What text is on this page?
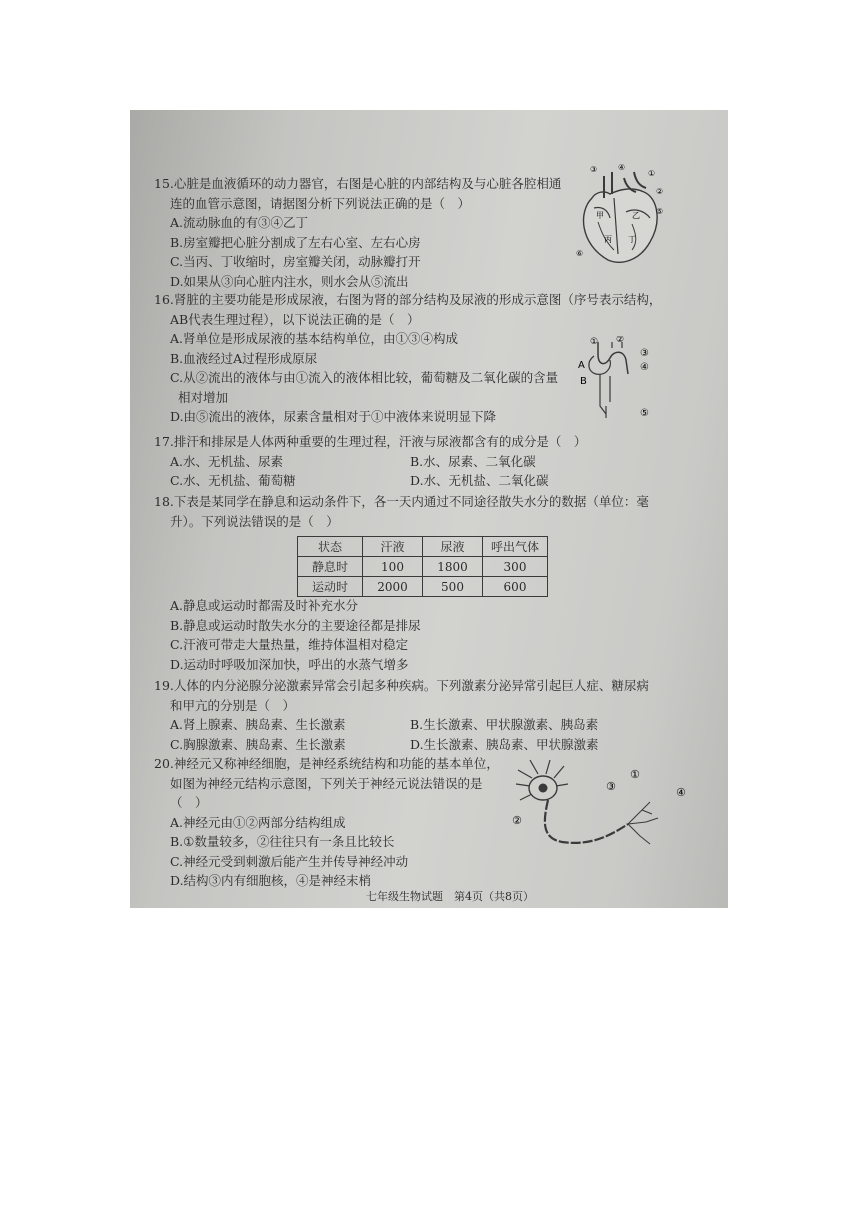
15.心脏是血液循环的动力器官，右图是心脏的内部结构及与心脏各腔相通
连的血管示意图，请据图分析下列说法正确的是（　）
A.流动脉血的有③④乙丁
B.房室瓣把心脏分割成了左右心室、左右心房
C.当丙、丁收缩时，房室瓣关闭，动脉瓣打开
D.如果从③向心脏内注水，则水会从⑤流出
③	④
①
②
⑤
⑥
甲	乙
丙 丁
16.肾脏的主要功能是形成尿液，右图为肾的部分结构及尿液的形成示意图（序号表示结构，
AB代表生理过程），以下说法正确的是（　）
A.肾单位是形成尿液的基本结构单位，由①③④构成
B.血液经过A过程形成原尿
C.从②流出的液体与由①流入的液体相比较，葡萄糖及二氧化碳的含量
相对增加
D.由⑤流出的液体，尿素含量相对于①中液体来说明显下降
① ②
③
④
⑤
A
B
17.排汗和排尿是人体两种重要的生理过程，汗液与尿液都含有的成分是（　）
A.水、无机盐、尿素	B.水、尿素、二氧化碳
C.水、无机盐、葡萄糖	D.水、无机盐、二氧化碳
18.下表是某同学在静息和运动条件下，各一天内通过不同途径散失水分的数据（单位：毫
升）。下列说法错误的是（　）
状态	汗液	尿液	呼出气体
静息时	100	1800	300
运动时	2000	500	600
A.静息或运动时都需及时补充水分
B.静息或运动时散失水分的主要途径都是排尿
C.汗液可带走大量热量，维持体温相对稳定
D.运动时呼吸加深加快，呼出的水蒸气增多
19.人体的内分泌腺分泌激素异常会引起多种疾病。下列激素分泌异常引起巨人症、糖尿病
和甲亢的分别是（　）
A.肾上腺素、胰岛素、生长激素	B.生长激素、甲状腺激素、胰岛素
C.胸腺激素、胰岛素、生长激素	D.生长激素、胰岛素、甲状腺激素
20.神经元又称神经细胞，是神经系统结构和功能的基本单位，
如图为神经元结构示意图，下列关于神经元说法错误的是
（　）
A.神经元由①②两部分结构组成
B.①数量较多，②往往只有一条且比较长
C.神经元受到刺激后能产生并传导神经冲动
D.结构③内有细胞核，④是神经末梢
①
②
③	④
七年级生物试题　第4页（共8页）
